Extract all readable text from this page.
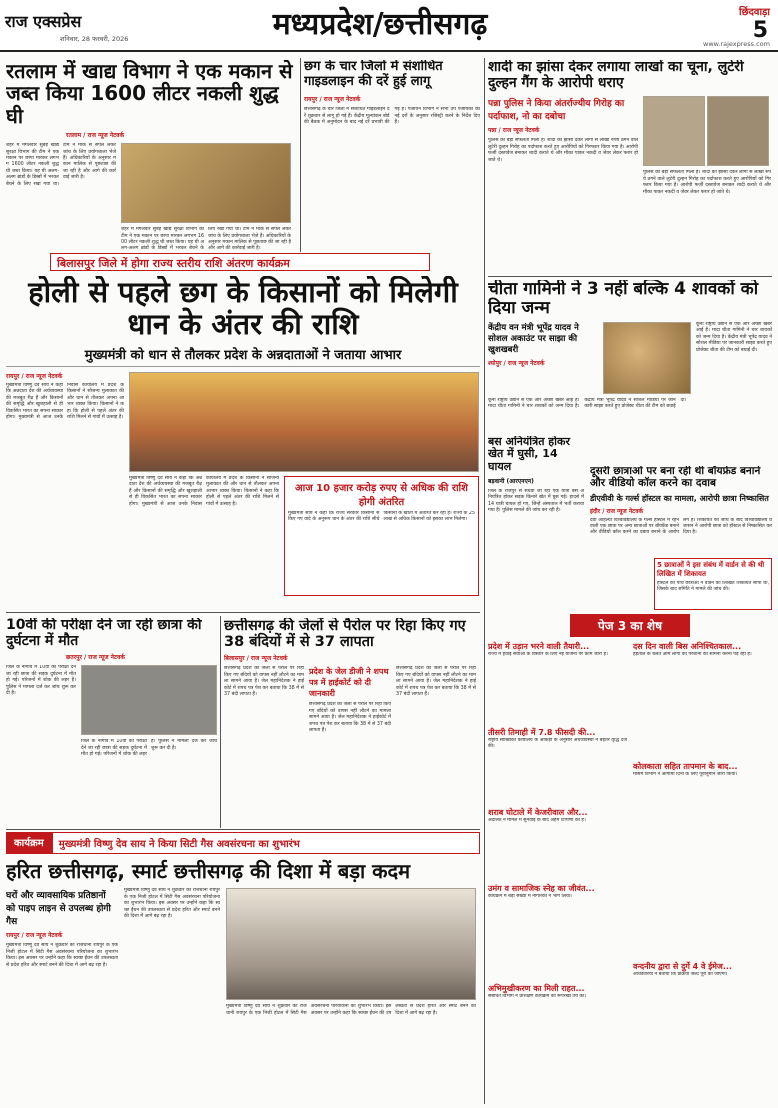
राज एक्सप्रेस
शनिवार, 28 फरवरी, 2026	मध्यप्रदेश/छत्तीसगढ़	छिंदवाड़ा
5
www.rajexpress.com
रतलाम में खाद्य विभाग ने एक मकान से जब्त किया 1600 लीटर नकली शुद्ध घी
रतलाम / राज न्यूज नेटवर्क
शहर में मंगलवार सुबह खाद्य सुरक्षा विभाग की टीम ने एक मकान पर छापा मारकर लगभग 1600 लीटर नकली शुद्ध घी जब्त किया। यह घी अलग-अलग ब्रांडों के डिब्बों में भरकर बेचने के लिए रखा गया था। टीम ने मौके से सैंपल लेकर जांच के लिए प्रयोगशाला भेजे हैं। अधिकारियों के अनुसार मकान मालिक से पूछताछ की जा रही है और आगे की कार्रवाई जारी है।
शहर में मंगलवार सुबह खाद्य सुरक्षा विभाग की टीम ने एक मकान पर छापा मारकर लगभग 1600 लीटर नकली शुद्ध घी जब्त किया। यह घी अलग-अलग ब्रांडों के डिब्बों में भरकर बेचने के लिए रखा गया था। टीम ने मौके से सैंपल लेकर जांच के लिए प्रयोगशाला भेजे हैं। अधिकारियों के अनुसार मकान मालिक से पूछताछ की जा रही है और आगे की कार्रवाई जारी है।
छग के चार जिलों में संशोधित गाइडलाइन की दरें हुई लागू
रायपुर / राज न्यूज नेटवर्क
छत्तीसगढ़ के चार जिलों में संशोधित गाइडलाइन दरें शुक्रवार से लागू हो गई हैं। केंद्रीय मूल्यांकन बोर्ड की बैठक में अनुमोदन के बाद नई दरें प्रभावी की गई हैं। पंजीयन विभाग ने सभी उप पंजीयकों को नई दरों के अनुसार रजिस्ट्री करने के निर्देश दिए हैं।
शादी का झांसा देकर लगाया लाखों का चूना, लुटेरी दुल्हन गैंग के आरोपी धराए
पन्ना पुलिस ने किया अंतर्राज्यीय गिरोह का पर्दाफाश, नो का दबोचा
पन्ना / राज न्यूज नेटवर्क
पुलिस को बड़ी सफलता मिली है। शादी का झांसा देकर लोगों से लाखों रुपये ठगने वाले लुटेरी दुल्हन गिरोह का पर्दाफाश करते हुए आरोपियों को गिरफ्तार किया गया है। आरोपी फर्जी दस्तावेज बनाकर शादी कराते थे और मौका पाकर नकदी व जेवर लेकर फरार हो जाते थे।
पुलिस को बड़ी सफलता मिली है। शादी का झांसा देकर लोगों से लाखों रुपये ठगने वाले लुटेरी दुल्हन गिरोह का पर्दाफाश करते हुए आरोपियों को गिरफ्तार किया गया है। आरोपी फर्जी दस्तावेज बनाकर शादी कराते थे और मौका पाकर नकदी व जेवर लेकर फरार हो जाते थे।
बिलासपुर जिले में होगा राज्य स्तरीय राशि अंतरण कार्यक्रम
होली से पहले छग के किसानों को मिलेगी धान के अंतर की राशि
मुख्यमंत्री को धान से तौलकर प्रदेश के अन्नदाताओं ने जताया आभार
रायपुर / राज न्यूज नेटवर्क
मुख्यमंत्री विष्णु देव साय ने कहा कि अन्नदाता देश की अर्थव्यवस्था की मजबूत रीढ़ हैं और किसानों की समृद्धि और खुशहाली से ही विकसित भारत का सपना साकार होगा। मुख्यमंत्री से आज उनके निवास कार्यालय में प्रदेश के किसानों ने सौजन्य मुलाकात की और धान से तौलकर अपना आभार व्यक्त किया। किसानों ने कहा कि होली से पहले अंतर की राशि मिलने से गांवों में उत्साह है।
मुख्यमंत्री विष्णु देव साय ने कहा कि अन्नदाता देश की अर्थव्यवस्था की मजबूत रीढ़ हैं और किसानों की समृद्धि और खुशहाली से ही विकसित भारत का सपना साकार होगा। मुख्यमंत्री से आज उनके निवास कार्यालय में प्रदेश के किसानों ने सौजन्य मुलाकात की और धान से तौलकर अपना आभार व्यक्त किया। किसानों ने कहा कि होली से पहले अंतर की राशि मिलने से गांवों में उत्साह है।
आज 10 हजार करोड़ रुपए से अधिक की राशि होगी अंतरित
मुख्यमंत्री साय ने कहा कि राज्य सरकार किसानों से किए गए वादे के अनुरूप धान के अंतर की राशि सीधे किसानों के खातों में अंतरित कर रही है। राज्य के 25 लाख से अधिक किसानों को इसका लाभ मिलेगा।
चीता गामिनी ने 3 नहीं बल्कि 4 शावकों को दिया जन्म
केंद्रीय वन मंत्री भूपेंद्र यादव ने सोशल अकाउंट पर साझा की खुशखबरी
श्योपुर / राज न्यूज नेटवर्क
कूनो राष्ट्रीय उद्यान से एक और अच्छी खबर आई है। मादा चीता गामिनी ने चार शावकों को जन्म दिया है। केंद्रीय मंत्री भूपेंद्र यादव ने सोशल मीडिया पर जानकारी साझा करते हुए प्रोजेक्ट चीता की टीम को बधाई दी।
कूनो राष्ट्रीय उद्यान से एक और अच्छी खबर आई है। मादा चीता गामिनी ने चार शावकों को जन्म दिया है। केंद्रीय मंत्री भूपेंद्र यादव ने सोशल मीडिया पर जानकारी साझा करते हुए प्रोजेक्ट चीता की टीम को बधाई दी।
बस अनियंत्रित होकर खेत में घुसी, 14 घायल
बड़वानी (आरएनएन)
जिले के राजपुर से सेंधवा जा रही एक यात्री बस अनियंत्रित होकर सड़क किनारे खेत में घुस गई। हादसे में 14 यात्री घायल हो गए, जिन्हें अस्पताल में भर्ती कराया गया है। पुलिस मामले की जांच कर रही है।
दूसरी छात्राओं पर बना रही थी बॉयफ्रेंड बनाने और वीडियो कॉल करने का दवाब
डीएवीवी के गर्ल्स हॉस्टल का मामला, आरोपी छात्रा निष्कासित
इंदौर / राज न्यूज नेटवर्क
देवी अहिल्या विश्वविद्यालय के गर्ल्स हॉस्टल में रहने वाली एक छात्रा पर अन्य छात्राओं पर बॉयफ्रेंड बनाने और वीडियो कॉल करने का दबाव बनाने के आरोप लगे हैं। शिकायत की जांच के बाद विश्वविद्यालय प्रशासन ने आरोपी छात्रा को हॉस्टल से निष्कासित कर दिया है।
5 छात्राओं ने इस संबंध में वार्डन से की थी लिखित में शिकायत
हॉस्टल की पांच छात्राओं ने वार्डन को लिखित शिकायत सौंपी थी, जिसके बाद समिति ने मामले की जांच की।
10वीं की परीक्षा देने जा रही छात्रा की दुर्घटना में मौत
छतरपुर / राज न्यूज नेटवर्क
जिले के नौगांव में 10वीं की परीक्षा देने जा रही छात्रा की सड़क दुर्घटना में मौत हो गई। परिजनों में शोक की लहर है। पुलिस ने मामला दर्ज कर जांच शुरू कर दी है।
जिले के नौगांव में 10वीं की परीक्षा देने जा रही छात्रा की सड़क दुर्घटना में मौत हो गई। परिजनों में शोक की लहर है। पुलिस ने मामला दर्ज कर जांच शुरू कर दी है।
छत्तीसगढ़ की जेलों से पैरोल पर रिहा किए गए 38 बंदियों में से 37 लापता
बिलासपुर / राज न्यूज नेटवर्क
छत्तीसगढ़ प्रदेश की जेलों से पैरोल पर रिहा किए गए बंदियों को वापस नहीं लौटने का मामला सामने आया है। जेल महानिदेशक ने हाईकोर्ट में शपथ पत्र पेश कर बताया कि 38 में से 37 बंदी लापता हैं।
प्रदेश के जेल डीजी ने शपथ पत्र में हाईकोर्ट को दी जानकारी
छत्तीसगढ़ प्रदेश की जेलों से पैरोल पर रिहा किए गए बंदियों को वापस नहीं लौटने का मामला सामने आया है। जेल महानिदेशक ने हाईकोर्ट में शपथ पत्र पेश कर बताया कि 38 में से 37 बंदी लापता हैं।
छत्तीसगढ़ प्रदेश की जेलों से पैरोल पर रिहा किए गए बंदियों को वापस नहीं लौटने का मामला सामने आया है। जेल महानिदेशक ने हाईकोर्ट में शपथ पत्र पेश कर बताया कि 38 में से 37 बंदी लापता हैं।
पेज 3 का शेष
प्रदेश में उड़ान भरने वाली तैयारी...
राज्य में हवाई सेवाओं के विस्तार के लिए नई योजना पर काम जारी है।
तीसरी तिमाही में 7.8 फीसदी की...
राष्ट्रीय सांख्यिकी कार्यालय के आंकड़ों के अनुसार अर्थव्यवस्था ने बेहतर वृद्धि दर्ज की।
शराब घोटाले में केजरीवाल और...
अदालत ने मामले में सुनवाई के बाद अहम टिप्पणी की है।
उमंग व सामाजिक स्नेह का जीवंत...
कार्यक्रम में बड़ी संख्या में नागरिकों ने भाग लिया।
अभिमुखीकरण का मिली राहत...
संबंधित विभाग ने प्रशिक्षण कार्यक्रम की रूपरेखा तय की।
दस दिन वाली बिस अनिश्चितकाल...
हड़ताल के चलते आम लोगों को परेशानी का सामना करना पड़ रहा है।
कोलकाता सहित तापमान के बाद...
मौसम विभाग ने आगामी दिनों के लिए पूर्वानुमान जारी किया।
वन्दनीय द्वारा से दुर्गे 4 वे ईमेज...
अधिकारियों ने बताया कि प्रक्रिया जल्द पूरी की जाएगी।
कार्यक्रम	मुख्यमंत्री विष्णु देव साय ने किया सिटी गैस अवसंरचना का शुभारंभ
हरित छत्तीसगढ़, स्मार्ट छत्तीसगढ़ की दिशा में बड़ा कदम
घरों और व्यावसायिक प्रतिष्ठानों को पाइप लाइन से उपलब्ध होगी गैस
रायपुर / राज न्यूज नेटवर्क
मुख्यमंत्री विष्णु देव साय ने शुक्रवार को राजधानी रायपुर के एक निजी होटल में सिटी गैस अवसंरचना परियोजना का शुभारंभ किया। इस अवसर पर उन्होंने कहा कि स्वच्छ ईंधन की उपलब्धता से प्रदेश हरित और स्मार्ट बनने की दिशा में आगे बढ़ रहा है।
मुख्यमंत्री विष्णु देव साय ने शुक्रवार को राजधानी रायपुर के एक निजी होटल में सिटी गैस अवसंरचना परियोजना का शुभारंभ किया। इस अवसर पर उन्होंने कहा कि स्वच्छ ईंधन की उपलब्धता से प्रदेश हरित और स्मार्ट बनने की दिशा में आगे बढ़ रहा है।
मुख्यमंत्री विष्णु देव साय ने शुक्रवार को राजधानी रायपुर के एक निजी होटल में सिटी गैस अवसंरचना परियोजना का शुभारंभ किया। इस अवसर पर उन्होंने कहा कि स्वच्छ ईंधन की उपलब्धता से प्रदेश हरित और स्मार्ट बनने की दिशा में आगे बढ़ रहा है।
